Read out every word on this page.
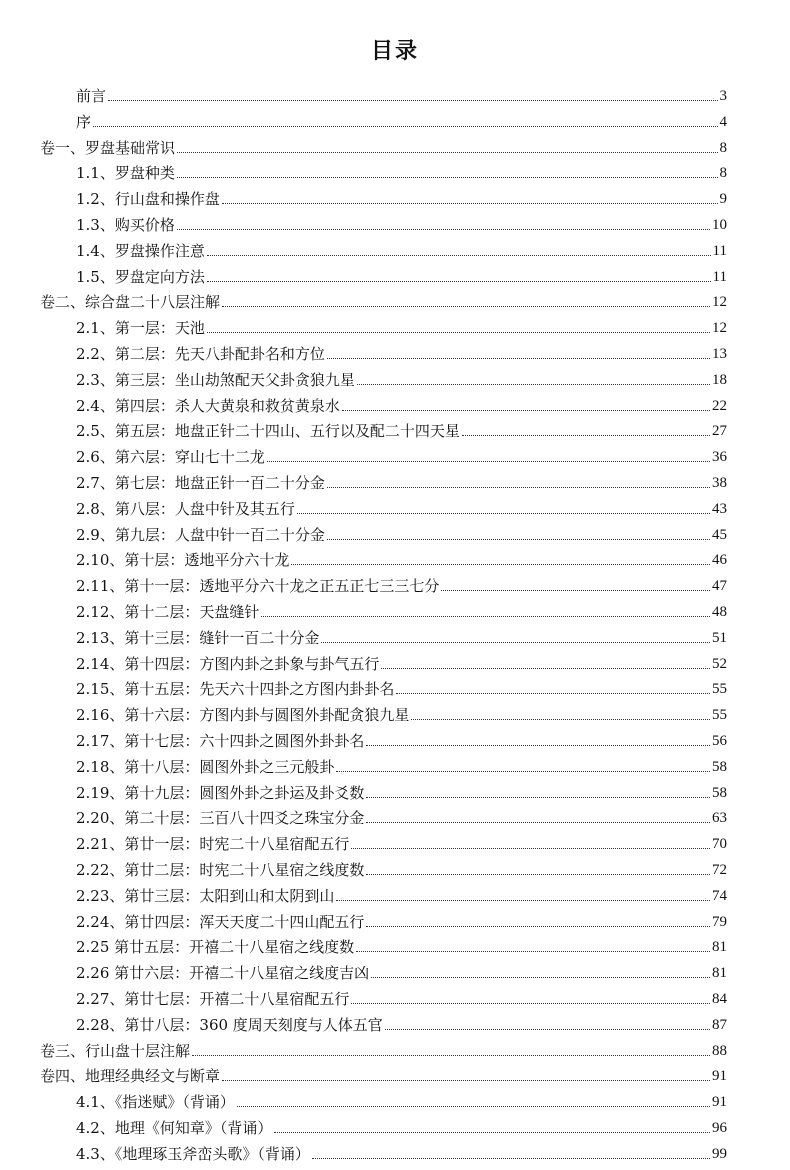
目录
前言	3
序	4
卷一、罗盘基础常识	8
1.1、罗盘种类	8
1.2、行山盘和操作盘	9
1.3、购买价格	10
1.4、罗盘操作注意	11
1.5、罗盘定向方法	11
卷二、综合盘二十八层注解	12
2.1、第一层：天池	12
2.2、第二层：先天八卦配卦名和方位	13
2.3、第三层：坐山劫煞配天父卦贪狼九星	18
2.4、第四层：杀人大黄泉和救贫黄泉水	22
2.5、第五层：地盘正针二十四山、五行以及配二十四天星	27
2.6、第六层：穿山七十二龙	36
2.7、第七层：地盘正针一百二十分金	38
2.8、第八层：人盘中针及其五行	43
2.9、第九层：人盘中针一百二十分金	45
2.10、第十层：透地平分六十龙	46
2.11、第十一层：透地平分六十龙之正五正七三三七分	47
2.12、第十二层：天盘缝针	48
2.13、第十三层：缝针一百二十分金	51
2.14、第十四层：方图内卦之卦象与卦气五行	52
2.15、第十五层：先天六十四卦之方图内卦卦名	55
2.16、第十六层：方图内卦与圆图外卦配贪狼九星	55
2.17、第十七层：六十四卦之圆图外卦卦名	56
2.18、第十八层：圆图外卦之三元般卦	58
2.19、第十九层：圆图外卦之卦运及卦爻数	58
2.20、第二十层：三百八十四爻之珠宝分金	63
2.21、第廿一层：时宪二十八星宿配五行	70
2.22、第廿二层：时宪二十八星宿之线度数	72
2.23、第廿三层：太阳到山和太阴到山	74
2.24、第廿四层：浑天天度二十四山配五行	79
2.25 第廿五层：开禧二十八星宿之线度数	81
2.26 第廿六层：开禧二十八星宿之线度吉凶	81
2.27、第廿七层：开禧二十八星宿配五行	84
2.28、第廿八层：360 度周天刻度与人体五官	87
卷三、行山盘十层注解	88
卷四、地理经典经文与断章	91
4.1、《指迷赋》（背诵）	91
4.2、地理《何知章》（背诵）	96
4.3、《地理琢玉斧峦头歌》（背诵）	99
